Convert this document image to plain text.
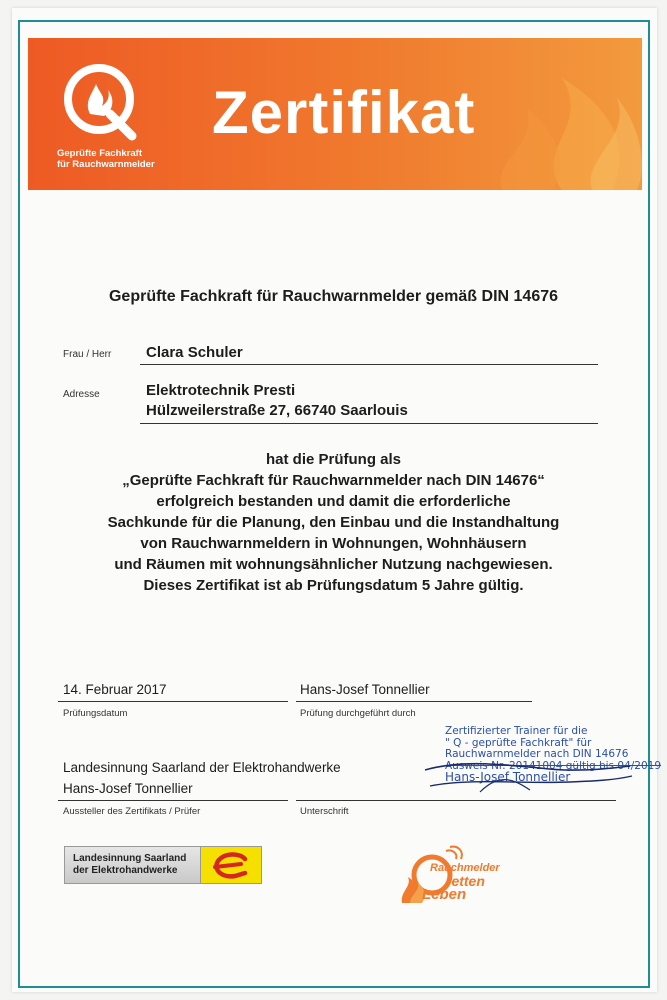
Geprüfte Fachkraft
für Rauchwarnmelder
Zertifikat
Geprüfte Fachkraft für Rauchwarnmelder gemäß DIN 14676
Frau / Herr Clara Schuler
Adresse	Elektrotechnik Presti
Hülzweilerstraße 27, 66740 Saarlouis
hat die Prüfung als
„Geprüfte Fachkraft für Rauchwarnmelder nach DIN 14676“
erfolgreich bestanden und damit die erforderliche
Sachkunde für die Planung, den Einbau und die Instandhaltung
von Rauchwarnmeldern in Wohnungen, Wohnhäusern
und Räumen mit wohnungsähnlicher Nutzung nachgewiesen.
Dieses Zertifikat ist ab Prüfungsdatum 5 Jahre gültig.
14. Februar 2017
Prüfungsdatum
Hans-Josef Tonnellier
Prüfung durchgeführt durch
Landesinnung Saarland der Elektrohandwerke
Hans-Josef Tonnellier
Aussteller des Zertifikats / Prüfer	Unterschrift
Zertifizierter Trainer für die
" Q - geprüfte Fachkraft" für
Rauchwarnmelder nach DIN 14676
Ausweis Nr. 20141004 gültig bis 04/2019
Hans-Josef Tonnellier
Landesinnung Saarland
der Elektrohandwerke	Rauchmelder
retten
Leben
